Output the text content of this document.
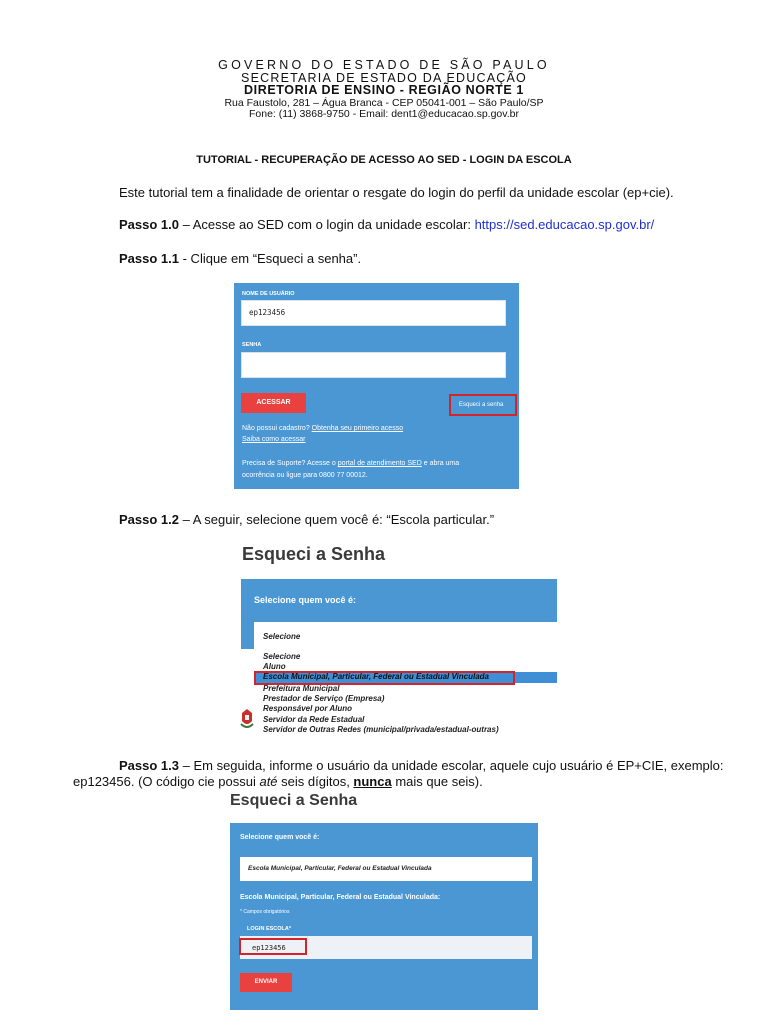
GOVERNO DO ESTADO DE SÃO PAULO
SECRETARIA DE ESTADO DA EDUCAÇÃO
DIRETORIA DE ENSINO - REGIÃO NORTE 1
Rua Faustolo, 281 – Água Branca - CEP 05041-001 – São Paulo/SP
Fone: (11) 3868-9750 - Email: dent1@educacao.sp.gov.br
TUTORIAL - RECUPERAÇÃO DE ACESSO AO SED - LOGIN DA ESCOLA
Este tutorial tem a finalidade de orientar o resgate do login do perfil da unidade escolar (ep+cie).
Passo 1.0 – Acesse ao SED com o login da unidade escolar: https://sed.educacao.sp.gov.br/
Passo 1.1 - Clique em “Esqueci a senha”.
NOME DE USUÁRIO
ep123456
SENHA
ACESSAR	Esqueci a senha
Não possui cadastro? Obtenha seu primeiro acesso
Saiba como acessar
Precisa de Suporte? Acesse o portal de atendimento SED e abra uma
ocorrência ou ligue para 0800 77 00012.
Passo 1.2 – A seguir, selecione quem você é: “Escola particular.”
Esqueci a Senha
Selecione quem você é:
Selecione
Selecione
Aluno
Escola Municipal, Particular, Federal ou Estadual Vinculada
Prefeitura Municipal
Prestador de Serviço (Empresa)
Responsável por Aluno
Servidor da Rede Estadual
Servidor de Outras Redes (municipal/privada/estadual-outras)
Passo 1.3 – Em seguida, informe o usuário da unidade escolar, aquele cujo usuário é EP+CIE, exemplo:
ep123456. (O código cie possui até seis dígitos, nunca mais que seis).
Esqueci a Senha
Selecione quem você é:
Escola Municipal, Particular, Federal ou Estadual Vinculada
Escola Municipal, Particular, Federal ou Estadual Vinculada:
* Campos obrigatórios
LOGIN ESCOLA*
ep123456
ENVIAR
